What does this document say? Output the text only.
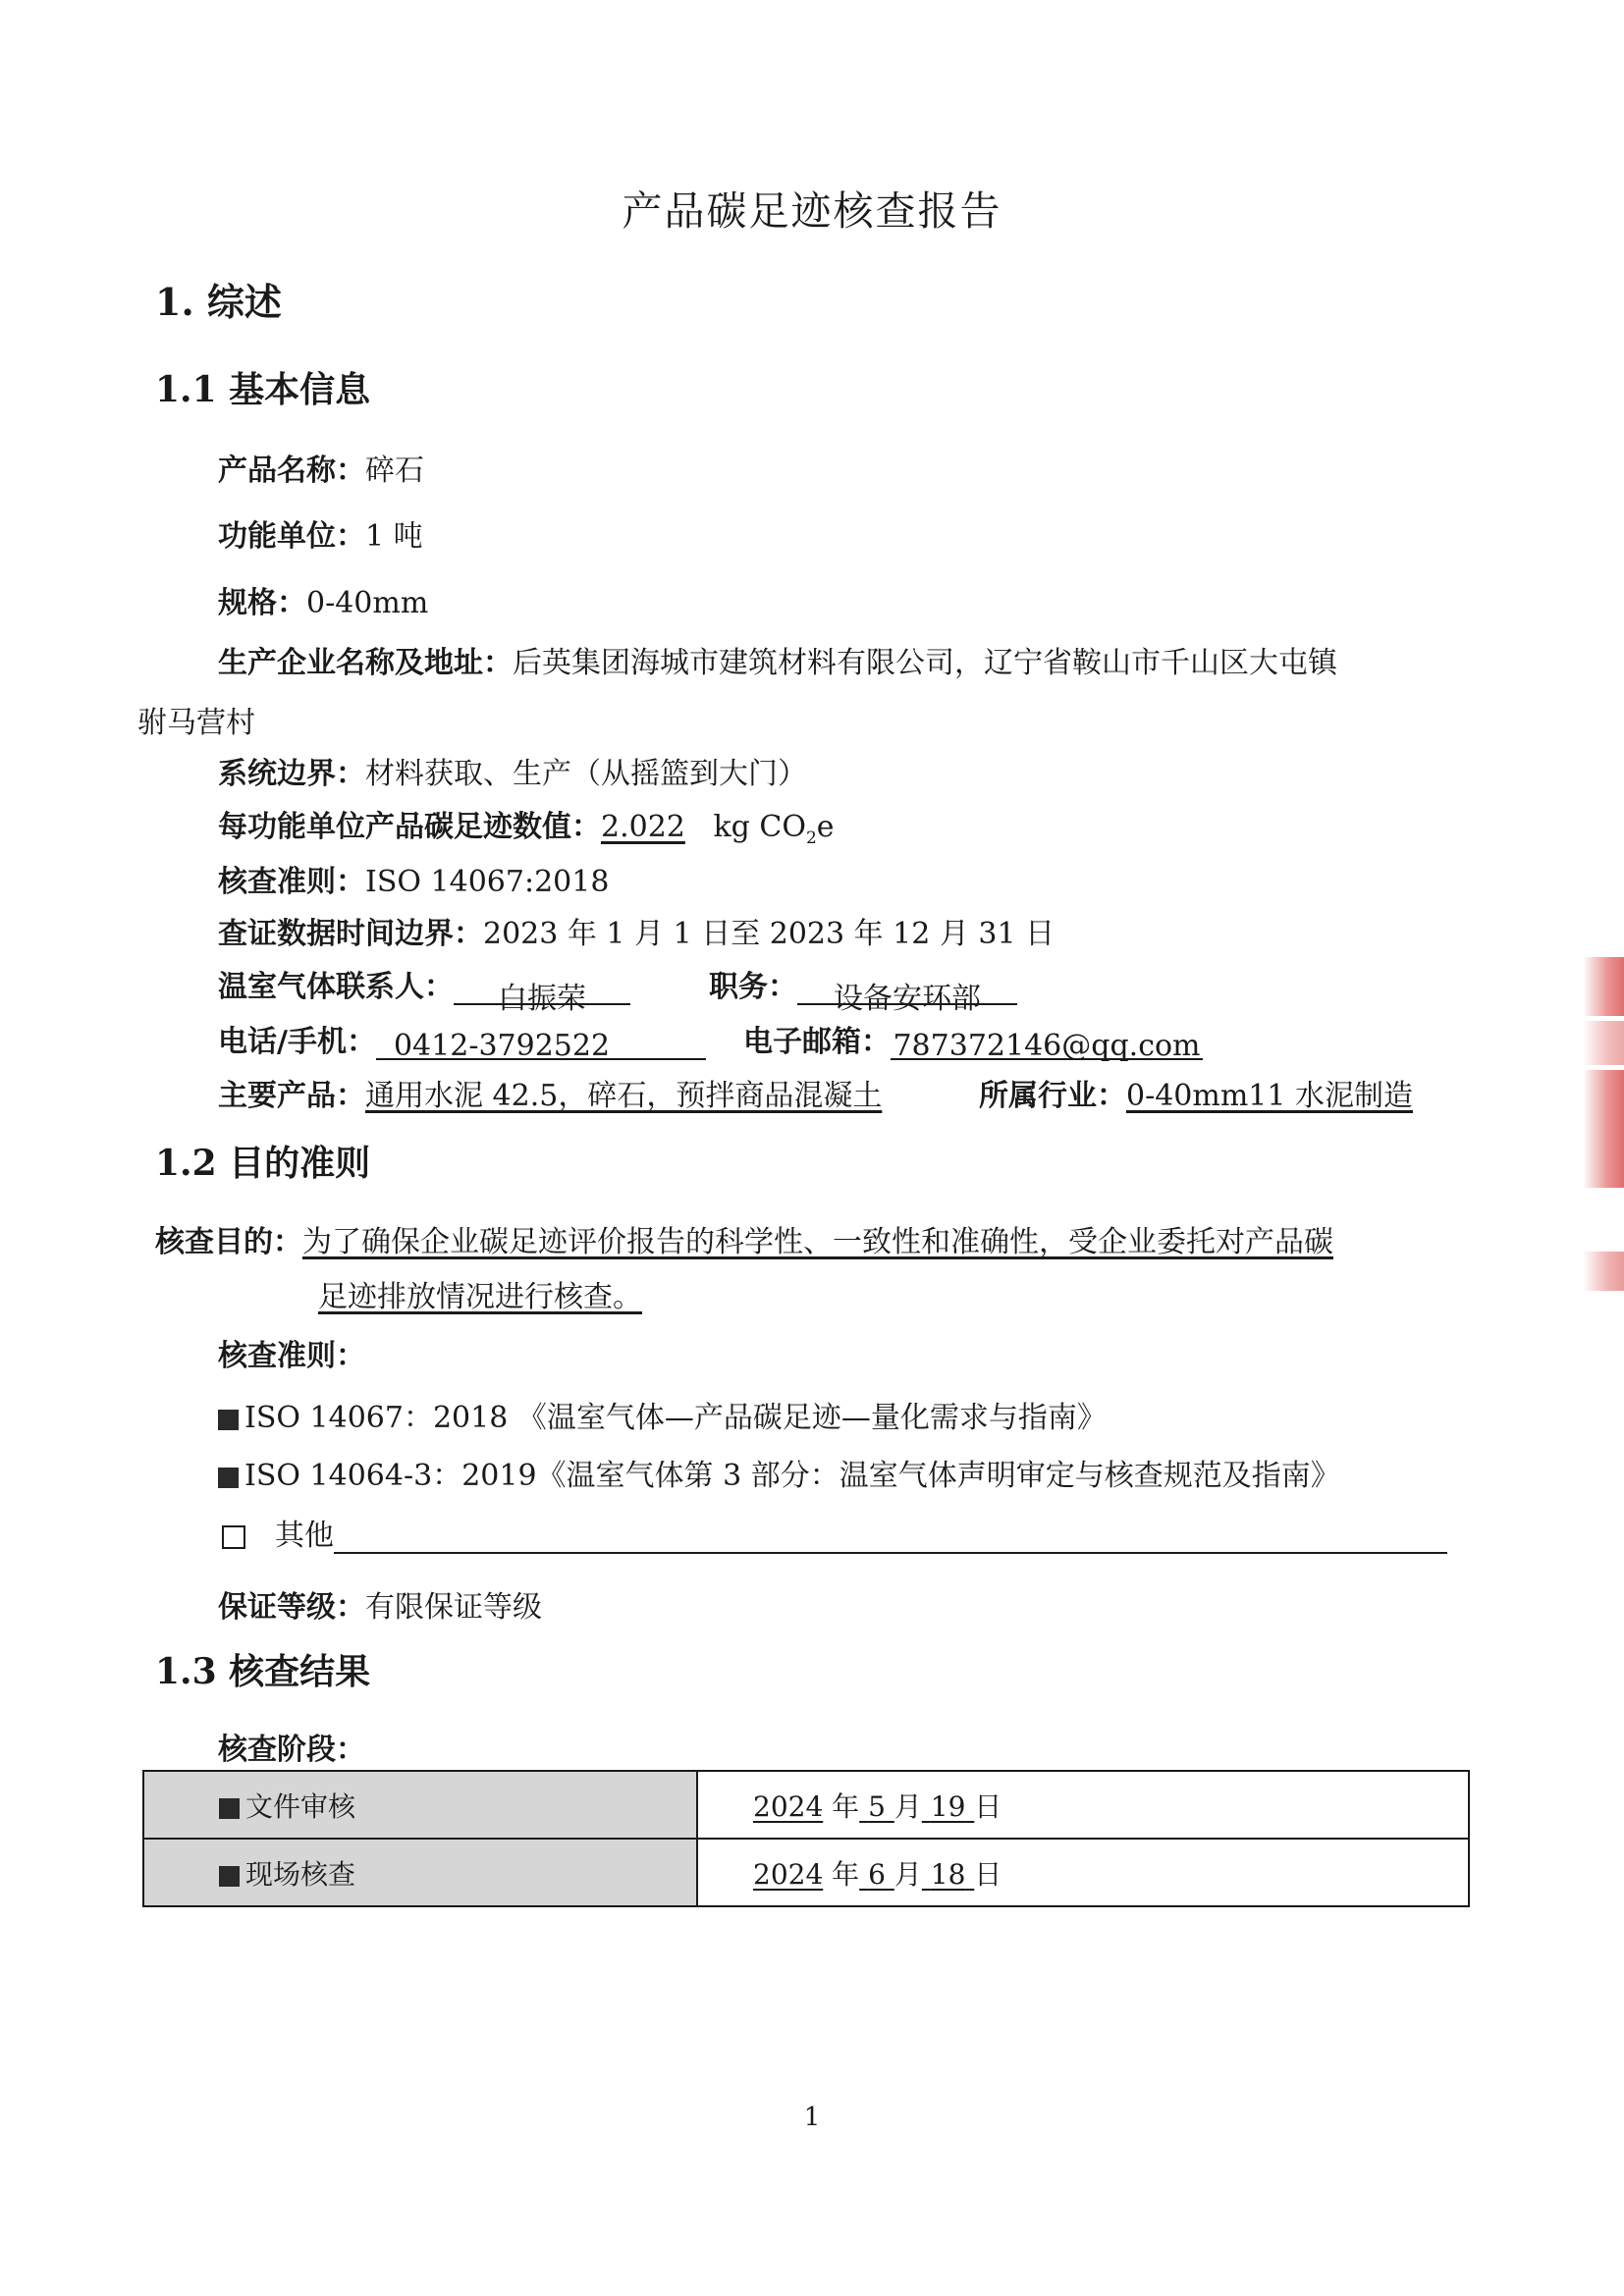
产品碳足迹核查报告
1. 综述
1.1 基本信息
产品名称：碎石
功能单位：1 吨
规格：0-40mm
生产企业名称及地址：后英集团海城市建筑材料有限公司，辽宁省鞍山市千山区大屯镇
驸马营村
系统边界：材料获取、生产（从摇篮到大门）
每功能单位产品碳足迹数值：2.022 kg $CO_2e$
核查准则：ISO 14067:2018
查证数据时间边界：2023 年 1 月 1 日至 2023 年 12 月 31 日
温室气体联系人： 白振荣	职务： 设备安环部
电话/手机： 0412-3792522	电子邮箱：787372146@qq.com
主要产品：通用水泥 42.5，碎石，预拌商品混凝土	所属行业：0-40mm11 水泥制造
1.2 目的准则
核查目的：为了确保企业碳足迹评价报告的科学性、一致性和准确性，受企业委托对产品碳
足迹排放情况进行核查。
核查准则：
ISO 14067：2018 《温室气体—产品碳足迹—量化需求与指南》
ISO 14064-3：2019《温室气体第 3 部分：温室气体声明审定与核查规范及指南》
其他
保证等级：有限保证等级
1.3 核查结果
核查阶段：
文件审核	2024 年 5 月 19 日
现场核查	2024 年 6 月 18 日
1
